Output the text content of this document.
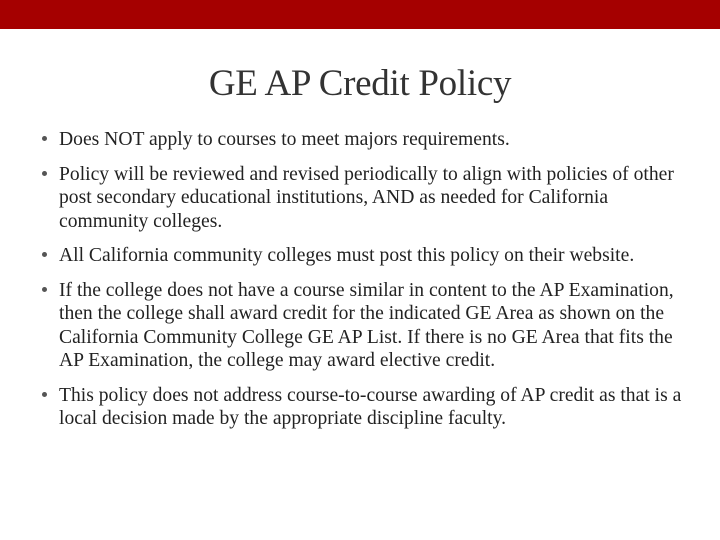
GE AP Credit Policy
Does NOT apply to courses to meet majors requirements.
Policy will be reviewed and revised periodically to align with policies of other post secondary educational institutions, AND as needed for California community colleges.
All California community colleges must post this policy on their website.
If the college does not have a course similar in content to the AP Examination, then the college shall award credit for the indicated GE Area as shown on the California Community College GE AP List. If there is no GE Area that fits the AP Examination, the college may award elective credit.
This policy does not address course-to-course awarding of AP credit as that is a local decision made by the appropriate discipline faculty.
